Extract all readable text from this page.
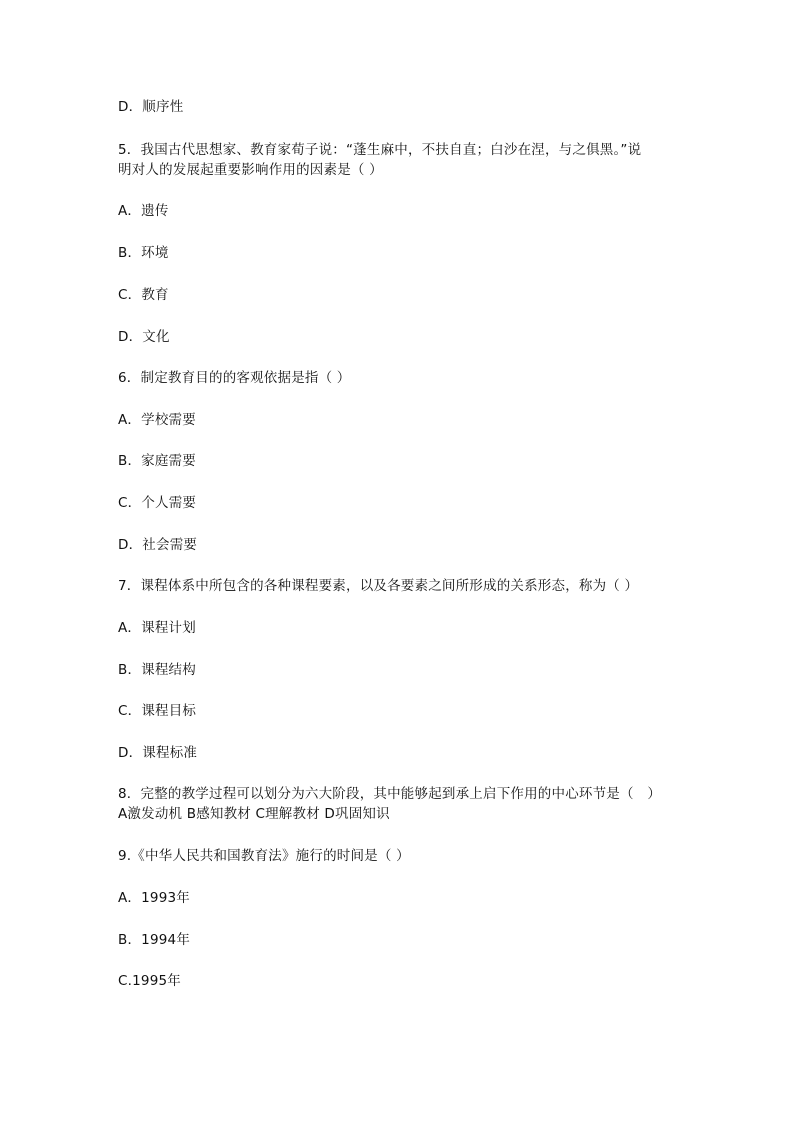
D．顺序性
5．我国古代思想家、教育家荀子说：“蓬生麻中，不扶自直；白沙在涅，与之俱黑。”说
明对人的发展起重要影响作用的因素是（ ）
A．遗传
B．环境
C．教育
D．文化
6．制定教育目的的客观依据是指（ ）
A．学校需要
B．家庭需要
C．个人需要
D．社会需要
7．课程体系中所包含的各种课程要素，以及各要素之间所形成的关系形态，称为（ ）
A．课程计划
B．课程结构
C．课程目标
D．课程标准
8．完整的教学过程可以划分为六大阶段，其中能够起到承上启下作用的中心环节是（　）
A激发动机 B感知教材 C理解教材 D巩固知识
9.《中华人民共和国教育法》施行的时间是（ ）
A．1993年
B．1994年
C.1995年
